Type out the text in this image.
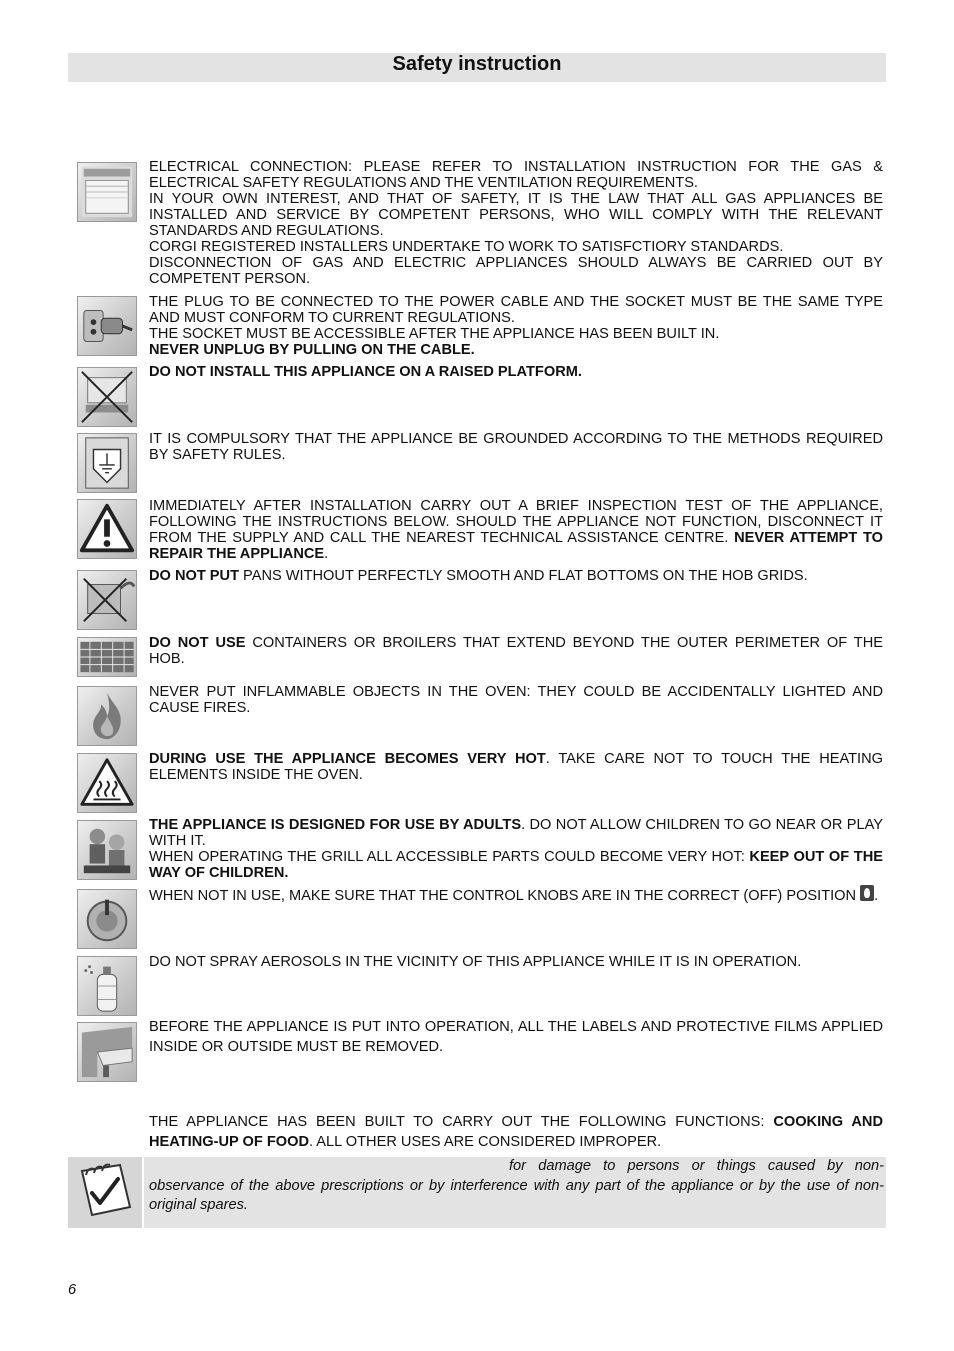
Safety instruction

ELECTRICAL CONNECTION: PLEASE REFER TO INSTALLATION INSTRUCTION FOR THE GAS & ELECTRICAL SAFETY REGULATIONS AND THE VENTILATION REQUIREMENTS.

IN YOUR OWN INTEREST, AND THAT OF SAFETY, IT IS THE LAW THAT ALL GAS APPLIANCES BE INSTALLED AND SERVICE BY COMPETENT PERSONS, WHO WILL COMPLY WITH THE RELEVANT STANDARDS AND REGULATIONS.

CORGI REGISTERED INSTALLERS UNDERTAKE TO WORK TO SATISFCTIORY STANDARDS.

DISCONNECTION OF GAS AND ELECTRIC APPLIANCES SHOULD ALWAYS BE CARRIED OUT BY COMPETENT PERSON.

THE PLUG TO BE CONNECTED TO THE POWER CABLE AND THE SOCKET MUST BE THE SAME TYPE AND MUST CONFORM TO CURRENT REGULATIONS.

THE SOCKET MUST BE ACCESSIBLE AFTER THE APPLIANCE HAS BEEN BUILT IN.

NEVER UNPLUG BY PULLING ON THE CABLE.

DO NOT INSTALL THIS APPLIANCE ON A RAISED PLATFORM.

IT IS COMPULSORY THAT THE APPLIANCE BE GROUNDED ACCORDING TO THE METHODS REQUIRED BY SAFETY RULES.

IMMEDIATELY AFTER INSTALLATION CARRY OUT A BRIEF INSPECTION TEST OF THE APPLIANCE, FOLLOWING THE INSTRUCTIONS BELOW. SHOULD THE APPLIANCE NOT FUNCTION, DISCONNECT IT FROM THE SUPPLY AND CALL THE NEAREST TECHNICAL ASSISTANCE CENTRE. NEVER ATTEMPT TO REPAIR THE APPLIANCE.

DO NOT PUT PANS WITHOUT PERFECTLY SMOOTH AND FLAT BOTTOMS ON THE HOB GRIDS.

DO NOT USE CONTAINERS OR BROILERS THAT EXTEND BEYOND THE OUTER PERIMETER OF THE HOB.

NEVER PUT INFLAMMABLE OBJECTS IN THE OVEN: THEY COULD BE ACCIDENTALLY LIGHTED AND CAUSE FIRES.

DURING USE THE APPLIANCE BECOMES VERY HOT. TAKE CARE NOT TO TOUCH THE HEATING ELEMENTS INSIDE THE OVEN.

THE APPLIANCE IS DESIGNED FOR USE BY ADULTS. DO NOT ALLOW CHILDREN TO GO NEAR OR PLAY WITH IT.

WHEN OPERATING THE GRILL ALL ACCESSIBLE PARTS COULD BECOME VERY HOT: KEEP OUT OF THE WAY OF CHILDREN.

WHEN NOT IN USE, MAKE SURE THAT THE CONTROL KNOBS ARE IN THE CORRECT (OFF) POSITION .

DO NOT SPRAY AEROSOLS IN THE VICINITY OF THIS APPLIANCE WHILE IT IS IN OPERATION.

BEFORE THE APPLIANCE IS PUT INTO OPERATION, ALL THE LABELS AND PROTECTIVE FILMS APPLIED INSIDE OR OUTSIDE MUST BE REMOVED.

THE APPLIANCE HAS BEEN BUILT TO CARRY OUT THE FOLLOWING FUNCTIONS: COOKING AND HEATING-UP OF FOOD. ALL OTHER USES ARE CONSIDERED IMPROPER.

for damage to persons or things caused by non-observance of the above prescriptions or by interference with any part of the appliance or by the use of non-original spares.

6
